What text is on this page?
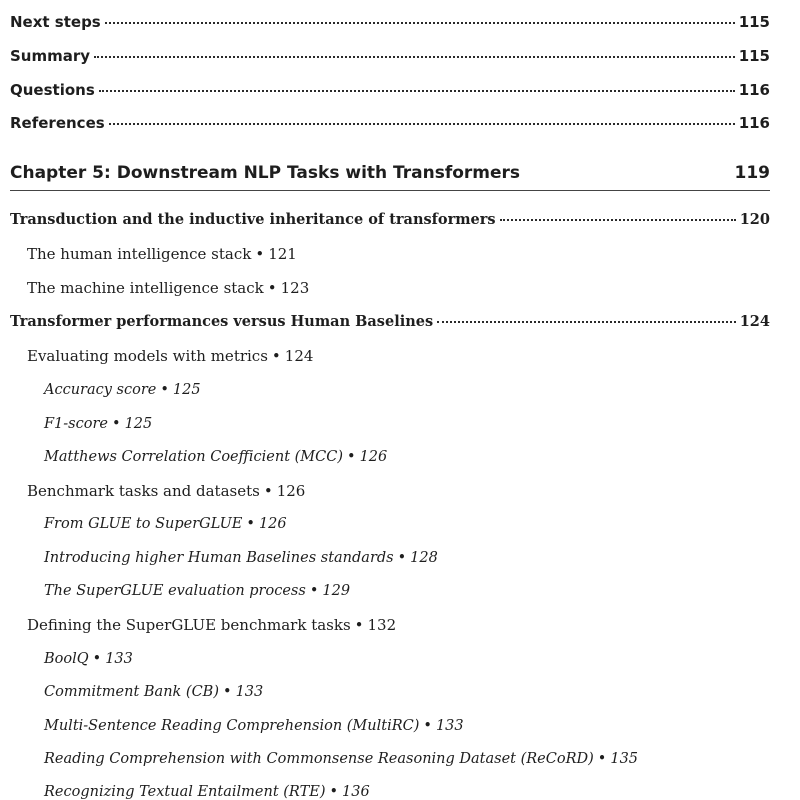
Next steps	115
Summary	115
Questions	116
References	116
Chapter 5: Downstream NLP Tasks with Transformers	119
Transduction and the inductive inheritance of transformers	120
The human intelligence stack • 121
The machine intelligence stack • 123
Transformer performances versus Human Baselines	124
Evaluating models with metrics • 124
Accuracy score • 125
F1-score • 125
Matthews Correlation Coefficient (MCC) • 126
Benchmark tasks and datasets • 126
From GLUE to SuperGLUE • 126
Introducing higher Human Baselines standards • 128
The SuperGLUE evaluation process • 129
Defining the SuperGLUE benchmark tasks • 132
BoolQ • 133
Commitment Bank (CB) • 133
Multi-Sentence Reading Comprehension (MultiRC) • 133
Reading Comprehension with Commonsense Reasoning Dataset (ReCoRD) • 135
Recognizing Textual Entailment (RTE) • 136
